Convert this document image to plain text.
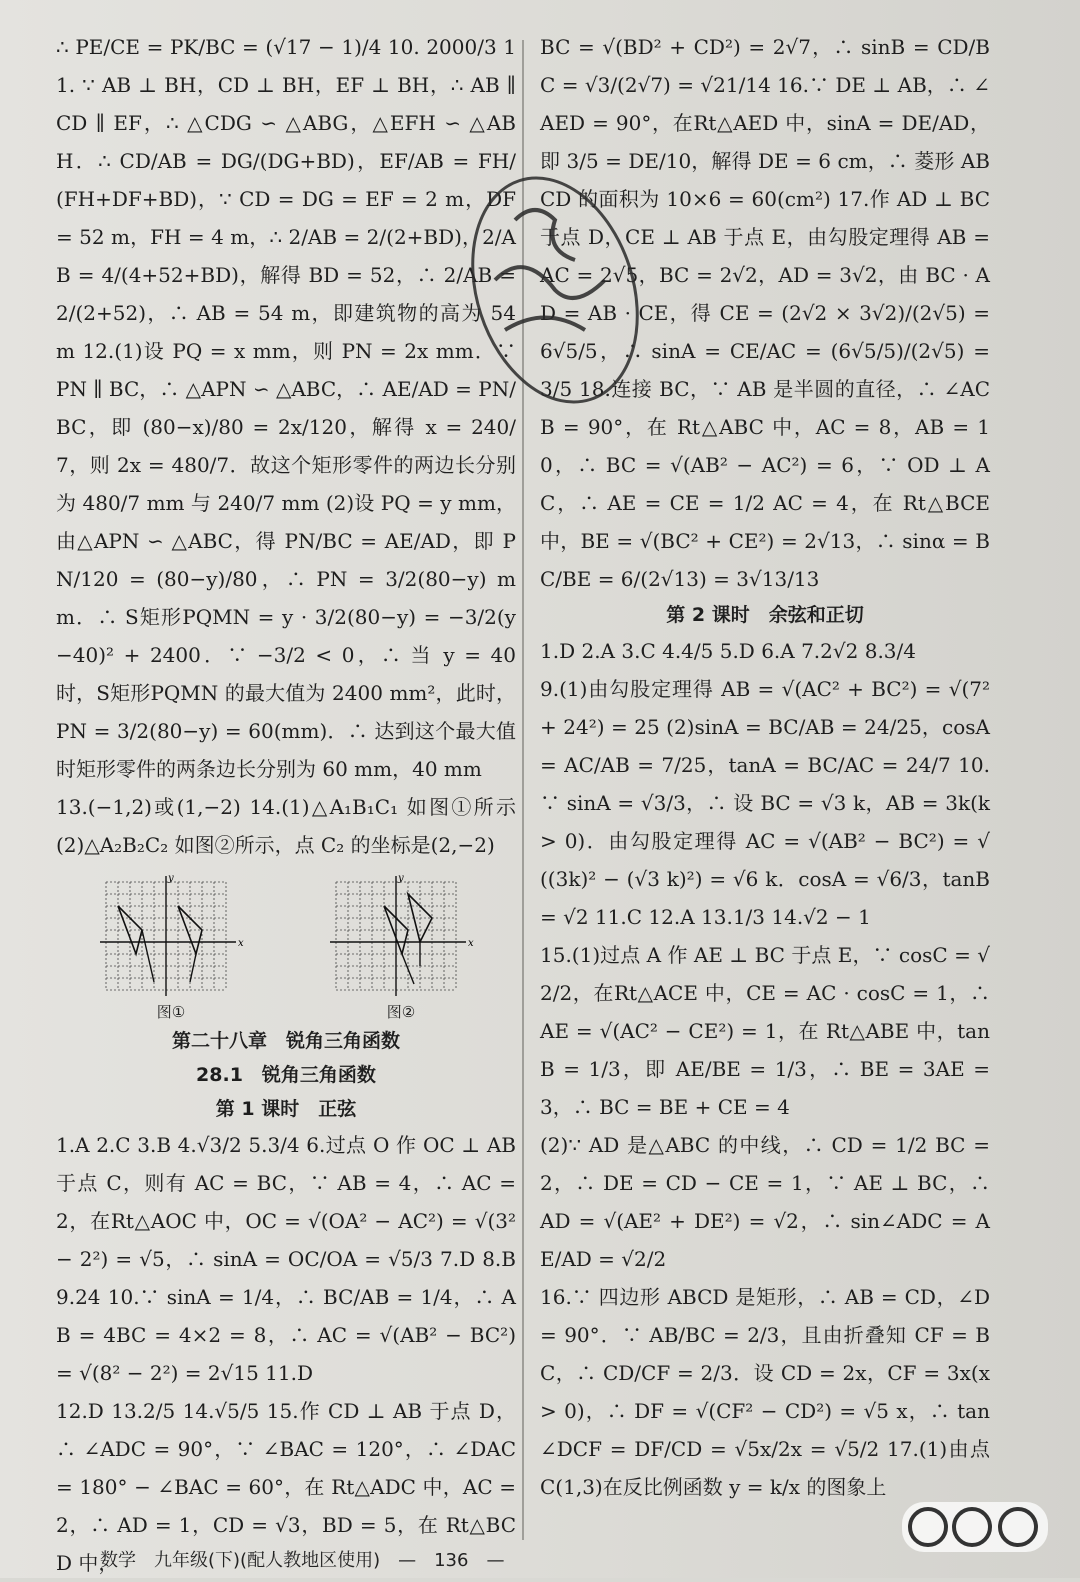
∴ PE/CE = PK/BC = (√17 − 1)/4 10. 2000/3 11. ∵ AB ⊥ BH，CD ⊥ BH，EF ⊥ BH，∴ AB ∥ CD ∥ EF，∴ △CDG ∽ △ABG，△EFH ∽ △ABH．∴ CD/AB = DG/(DG+BD)，EF/AB = FH/(FH+DF+BD)，∵ CD = DG = EF = 2 m，DF = 52 m，FH = 4 m，∴ 2/AB = 2/(2+BD)，2/AB = 4/(4+52+BD)，解得 BD = 52，∴ 2/AB = 2/(2+52)，∴ AB = 54 m，即建筑物的高为 54 m 12.(1)设 PQ = x mm，则 PN = 2x mm．∵ PN ∥ BC，∴ △APN ∽ △ABC，∴ AE/AD = PN/BC，即 (80−x)/80 = 2x/120，解得 x = 240/7，则 2x = 480/7．故这个矩形零件的两边长分别为 480/7 mm 与 240/7 mm (2)设 PQ = y mm，由△APN ∽ △ABC，得 PN/BC = AE/AD，即 PN/120 = (80−y)/80，∴ PN = 3/2(80−y) mm．∴ S矩形PQMN = y · 3/2(80−y) = −3/2(y−40)² + 2400．∵ −3/2 < 0，∴ 当 y = 40 时，S矩形PQMN 的最大值为 2400 mm²，此时，PN = 3/2(80−y) = 60(mm)．∴ 达到这个最大值时矩形零件的两条边长分别为 60 mm，40 mm

13.(−1,2)或(1,−2) 14.(1)△A₁B₁C₁ 如图①所示 (2)△A₂B₂C₂ 如图②所示，点 C₂ 的坐标是(2,−2)

x
y
图①
x
y
图②

第二十八章　锐角三角函数

28.1　锐角三角函数

第 1 课时　正弦

1.A 2.C 3.B 4.√3/2 5.3/4 6.过点 O 作 OC ⊥ AB 于点 C，则有 AC = BC，∵ AB = 4，∴ AC = 2，在Rt△AOC 中，OC = √(OA² − AC²) = √(3² − 2²) = √5，∴ sinA = OC/OA = √5/3 7.D 8.B 9.24 10.∵ sinA = 1/4，∴ BC/AB = 1/4，∴ AB = 4BC = 4×2 = 8，∴ AC = √(AB² − BC²) = √(8² − 2²) = 2√15 11.D

12.D 13.2/5 14.√5/5 15.作 CD ⊥ AB 于点 D，∴ ∠ADC = 90°，∵ ∠BAC = 120°，∴ ∠DAC = 180° − ∠BAC = 60°，在 Rt△ADC 中，AC = 2，∴ AD = 1，CD = √3，BD = 5，在 Rt△BCD 中，

BC = √(BD² + CD²) = 2√7，∴ sinB = CD/BC = √3/(2√7) = √21/14 16.∵ DE ⊥ AB，∴ ∠AED = 90°，在Rt△AED 中，sinA = DE/AD，即 3/5 = DE/10，解得 DE = 6 cm，∴ 菱形 ABCD 的面积为 10×6 = 60(cm²) 17.作 AD ⊥ BC 于点 D，CE ⊥ AB 于点 E，由勾股定理得 AB = AC = 2√5，BC = 2√2，AD = 3√2，由 BC · AD = AB · CE，得 CE = (2√2 × 3√2)/(2√5) = 6√5/5，∴ sinA = CE/AC = (6√5/5)/(2√5) = 3/5 18.连接 BC，∵ AB 是半圆的直径，∴ ∠ACB = 90°，在 Rt△ABC 中，AC = 8，AB = 10，∴ BC = √(AB² − AC²) = 6，∵ OD ⊥ AC，∴ AE = CE = 1/2 AC = 4，在 Rt△BCE 中，BE = √(BC² + CE²) = 2√13，∴ sinα = BC/BE = 6/(2√13) = 3√13/13

第 2 课时　余弦和正切

1.D 2.A 3.C 4.4/5 5.D 6.A 7.2√2 8.3/4

9.(1)由勾股定理得 AB = √(AC² + BC²) = √(7² + 24²) = 25 (2)sinA = BC/AB = 24/25，cosA = AC/AB = 7/25，tanA = BC/AC = 24/7 10.∵ sinA = √3/3，∴ 设 BC = √3 k，AB = 3k(k > 0)．由勾股定理得 AC = √(AB² − BC²) = √((3k)² − (√3 k)²) = √6 k．cosA = √6/3，tanB = √2 11.C 12.A 13.1/3 14.√2 − 1

15.(1)过点 A 作 AE ⊥ BC 于点 E，∵ cosC = √2/2，在Rt△ACE 中，CE = AC · cosC = 1，∴ AE = √(AC² − CE²) = 1，在 Rt△ABE 中，tanB = 1/3，即 AE/BE = 1/3，∴ BE = 3AE = 3，∴ BC = BE + CE = 4

(2)∵ AD 是△ABC 的中线，∴ CD = 1/2 BC = 2，∴ DE = CD − CE = 1，∵ AE ⊥ BC，∴ AD = √(AE² + DE²) = √2，∴ sin∠ADC = AE/AD = √2/2

16.∵ 四边形 ABCD 是矩形，∴ AB = CD，∠D = 90°．∵ AB/BC = 2/3，且由折叠知 CF = BC，∴ CD/CF = 2/3．设 CD = 2x，CF = 3x(x > 0)，∴ DF = √(CF² − CD²) = √5 x，∴ tan∠DCF = DF/CD = √5x/2x = √5/2 17.(1)由点 C(1,3)在反比例函数 y = k/x 的图象上

数学　九年级(下)(配人教地区使用)　—　136　—
